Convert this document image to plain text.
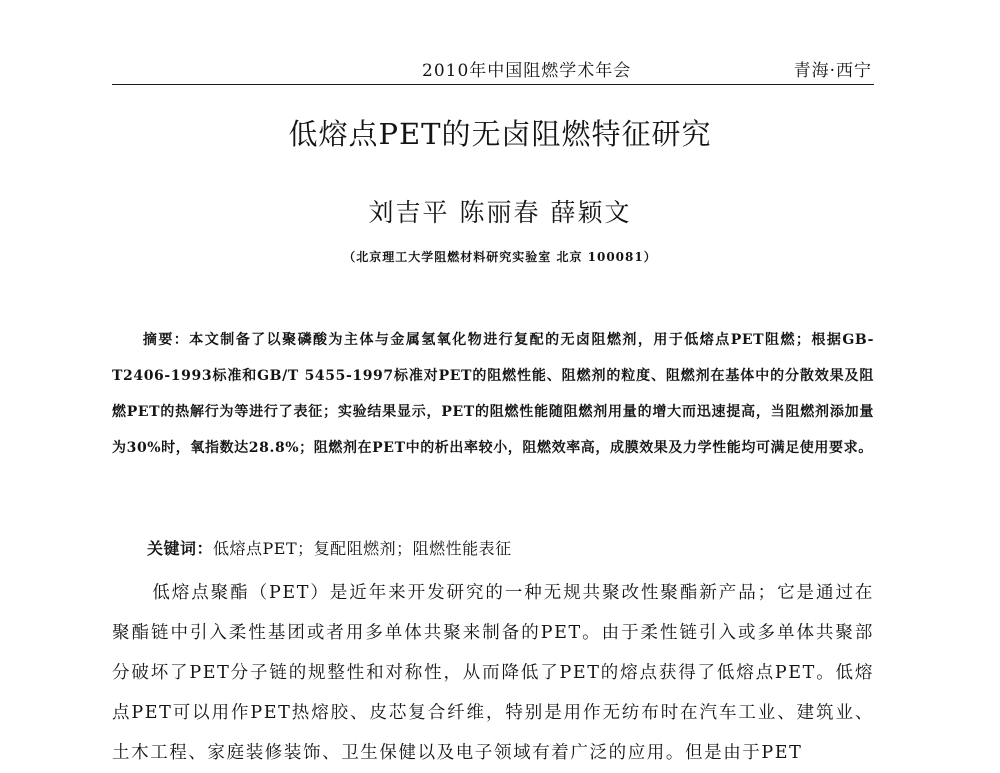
2010年中国阻燃学术年会	青海·西宁
低熔点PET的无卤阻燃特征研究
刘吉平 陈丽春 薛颖文
（北京理工大学阻燃材料研究实验室 北京 100081）
摘要：本文制备了以聚磷酸为主体与金属氢氧化物进行复配的无卤阻燃剂，用于低熔点PET阻燃；根据GB-T2406-1993标准和GB/T 5455-1997标准对PET的阻燃性能、阻燃剂的粒度、阻燃剂在基体中的分散效果及阻燃PET的热解行为等进行了表征；实验结果显示，PET的阻燃性能随阻燃剂用量的增大而迅速提高，当阻燃剂添加量为30%时，氧指数达28.8%；阻燃剂在PET中的析出率较小，阻燃效率高，成膜效果及力学性能均可满足使用要求。
关键词：低熔点PET；复配阻燃剂；阻燃性能表征
低熔点聚酯（PET）是近年来开发研究的一种无规共聚改性聚酯新产品；它是通过在聚酯链中引入柔性基团或者用多单体共聚来制备的PET。由于柔性链引入或多单体共聚部分破坏了PET分子链的规整性和对称性，从而降低了PET的熔点获得了低熔点PET。低熔点PET可以用作PET热熔胶、皮芯复合纤维，特别是用作无纺布时在汽车工业、建筑业、土木工程、家庭装修装饰、卫生保健以及电子领域有着广泛的应用。但是由于PET
